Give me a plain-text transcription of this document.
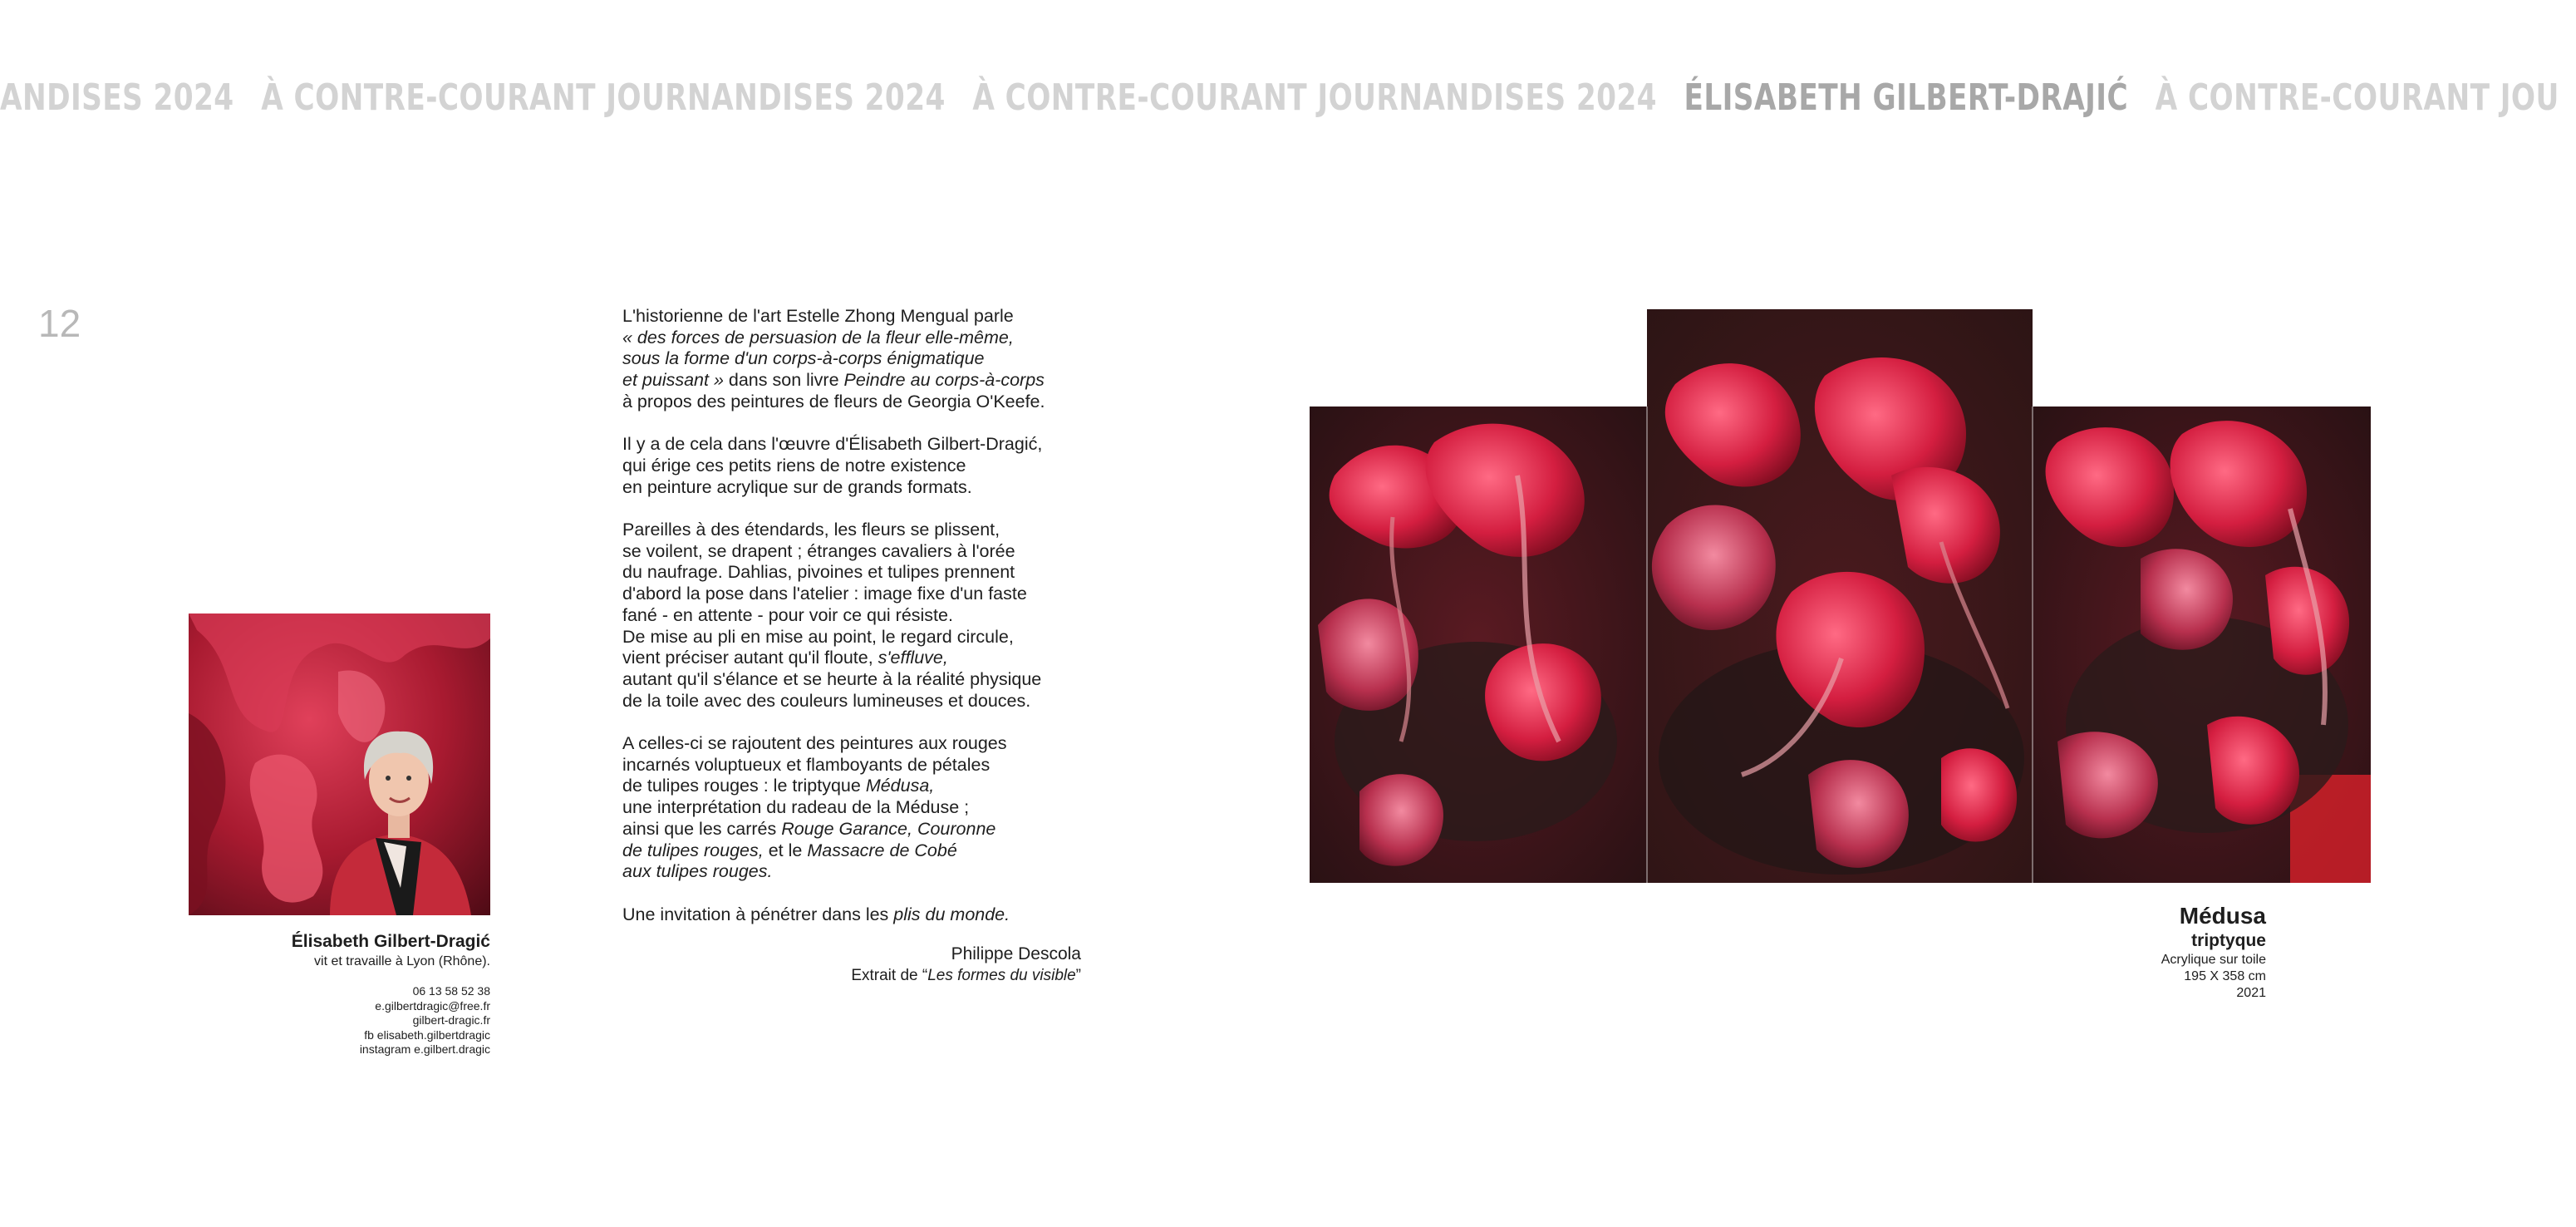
ANDISES 2024 À CONTRE-COURANT JOURNANDISES 2024 À CONTRE-COURANT JOURNANDISES 2024 ÉLISABETH GILBERT-DRAJIĆ À CONTRE-COURANT JOU
12
Élisabeth Gilbert-Dragić
vit et travaille à Lyon (Rhône).
06 13 58 52 38
e.gilbertdragic@free.fr
gilbert-dragic.fr
fb elisabeth.gilbertdragic
instagram e.gilbert.dragic

L'historienne de l'art Estelle Zhong Mengual parle
« des forces de persuasion de la fleur elle-même,
sous la forme d'un corps-à-corps énigmatique
et puissant » dans son livre Peindre au corps-à-corps
à propos des peintures de fleurs de Georgia O'Keefe.

Il y a de cela dans l'œuvre d'Élisabeth Gilbert-Dragić,
qui érige ces petits riens de notre existence
en peinture acrylique sur de grands formats.

Pareilles à des étendards, les fleurs se plissent,
se voilent, se drapent ; étranges cavaliers à l'orée
du naufrage. Dahlias, pivoines et tulipes prennent
d'abord la pose dans l'atelier : image fixe d'un faste
fané - en attente - pour voir ce qui résiste.
De mise au pli en mise au point, le regard circule,
vient préciser autant qu'il floute, s'effluve,
autant qu'il s'élance et se heurte à la réalité physique
de la toile avec des couleurs lumineuses et douces.

A celles-ci se rajoutent des peintures aux rouges
incarnés voluptueux et flamboyants de pétales
de tulipes rouges : le triptyque Médusa,
une interprétation du radeau de la Méduse ;
ainsi que les carrés Rouge Garance, Couronne
de tulipes rouges, et le Massacre de Cobé
aux tulipes rouges.

Une invitation à pénétrer dans les plis du monde.

Philippe Descola
Extrait de “Les formes du visible”
Médusa
triptyque
Acrylique sur toile
195 X 358 cm
2021
